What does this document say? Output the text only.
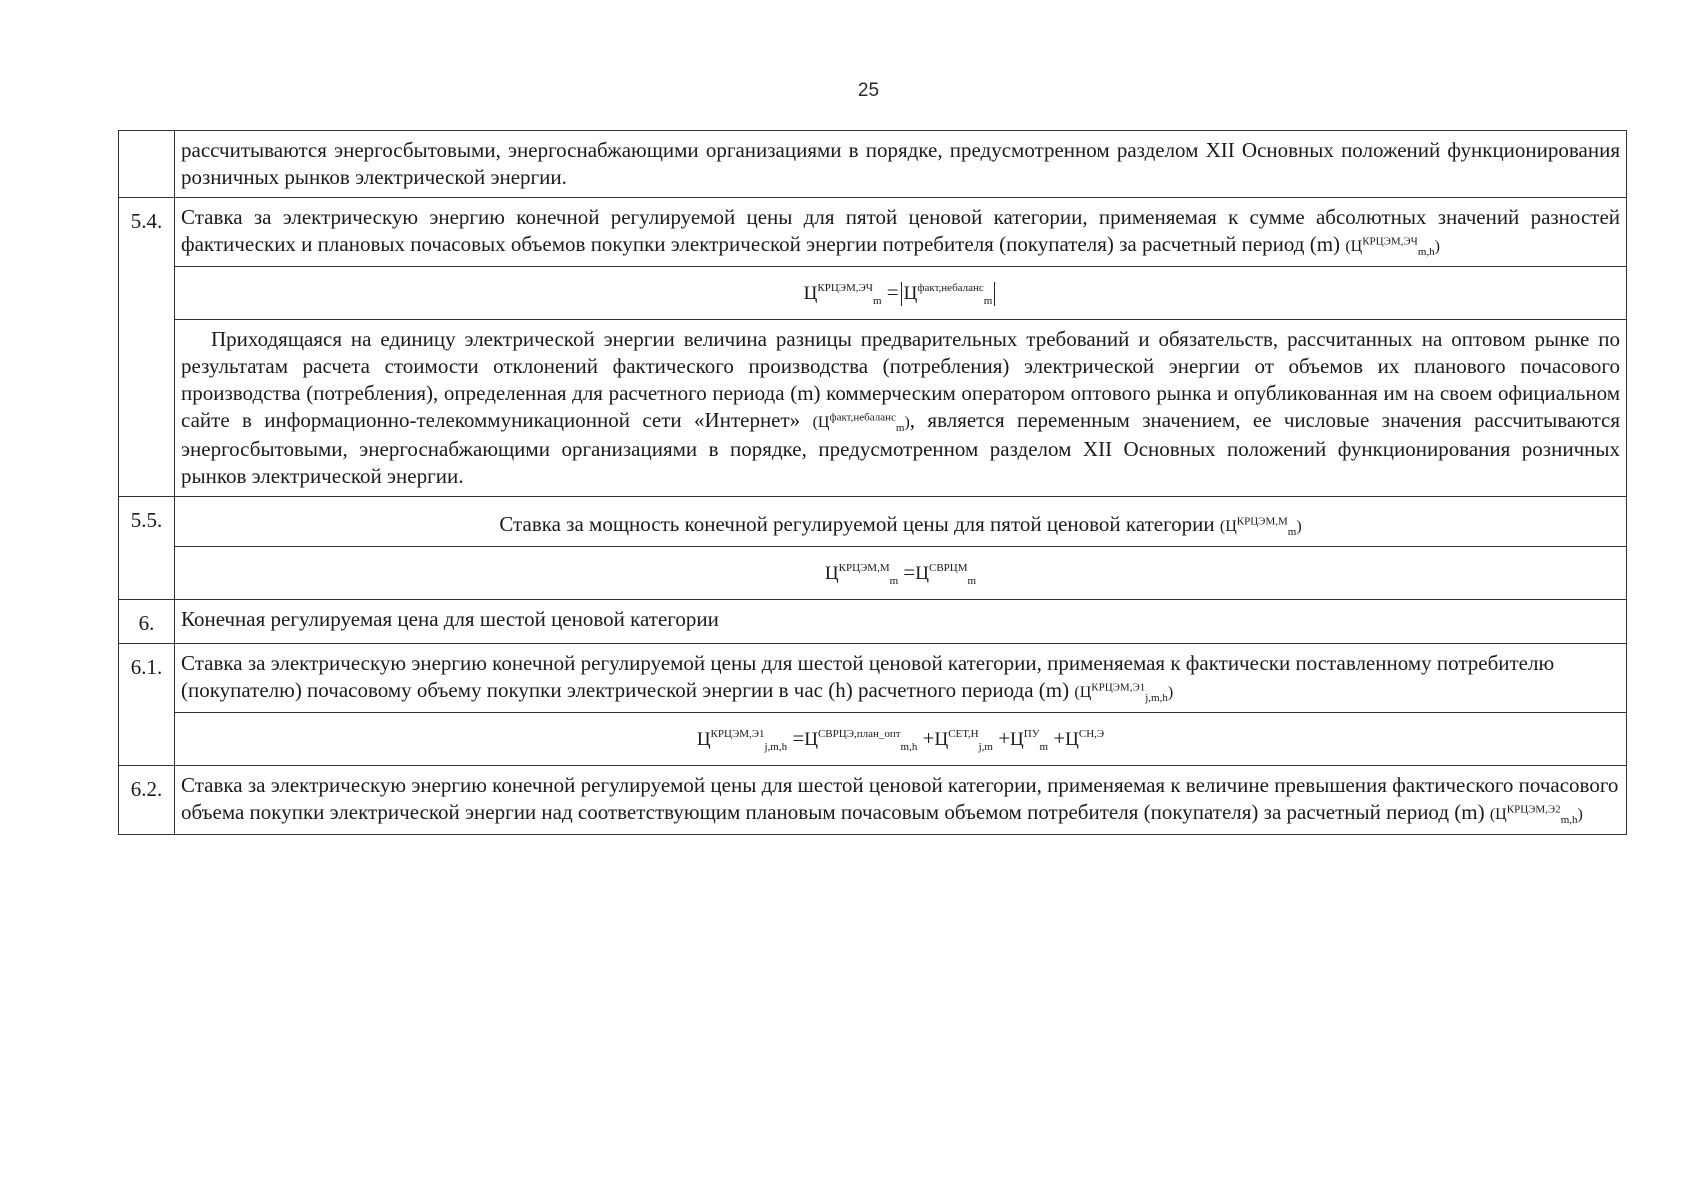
25
	рассчитываются энергосбытовыми, энергоснабжающими организациями в порядке, предусмотренном разделом XII Основных положений функционирования розничных рынков электрической энергии.
5.4.	Ставка за электрическую энергию конечной регулируемой цены для пятой ценовой категории, применяемая к сумме абсолютных значений разностей фактических и плановых почасовых объемов покупки электрической энергии потребителя (покупателя) за расчетный период (m) $(Ц^{КРЦЭМ,ЭЧ}_{m,h})$
	$Ц^{КРЦЭМ,ЭЧ}_m = Ц^{факт,небаланс}_m$
	Приходящаяся на единицу электрической энергии величина разницы предварительных требований и обязательств, рассчитанных на оптовом рынке по результатам расчета стоимости отклонений фактического производства (потребления) электрической энергии от объемов их планового почасового производства (потребления), определенная для расчетного периода (m) коммерческим оператором оптового рынка и опубликованная им на своем официальном сайте в информационно-телекоммуникационной сети «Интернет» $(Ц^{факт,небаланс}_m)$, является переменным значением, ее числовые значения рассчитываются энергосбытовыми, энергоснабжающими организациями в порядке, предусмотренном разделом XII Основных положений функционирования розничных рынков электрической энергии.
5.5.	Ставка за мощность конечной регулируемой цены для пятой ценовой категории $(Ц^{КРЦЭМ,М}_m)$
	$Ц^{КРЦЭМ,М}_m =Ц^{СВРЦМ}_m$
6.	Конечная регулируемая цена для шестой ценовой категории
6.1.	Ставка за электрическую энергию конечной регулируемой цены для шестой ценовой категории, применяемая к фактически поставленному потребителю (покупателю) почасовому объему покупки электрической энергии в час (h) расчетного периода (m) $(Ц^{КРЦЭМ,Э1}_{j,m,h})$
	$Ц^{КРЦЭМ,Э1}_{j,m,h} =Ц^{СВРЦЭ,план\_опт}_{m,h} +Ц^{СЕТ,Н}_{j,m} +Ц^{ПУ}_m +Ц^{СН,Э}$
6.2.	Ставка за электрическую энергию конечной регулируемой цены для шестой ценовой категории, применяемая к величине превышения фактического почасового объема покупки электрической энергии над соответствующим плановым почасовым объемом потребителя (покупателя) за расчетный период (m) $(Ц^{КРЦЭМ,Э2}_{m,h})$
